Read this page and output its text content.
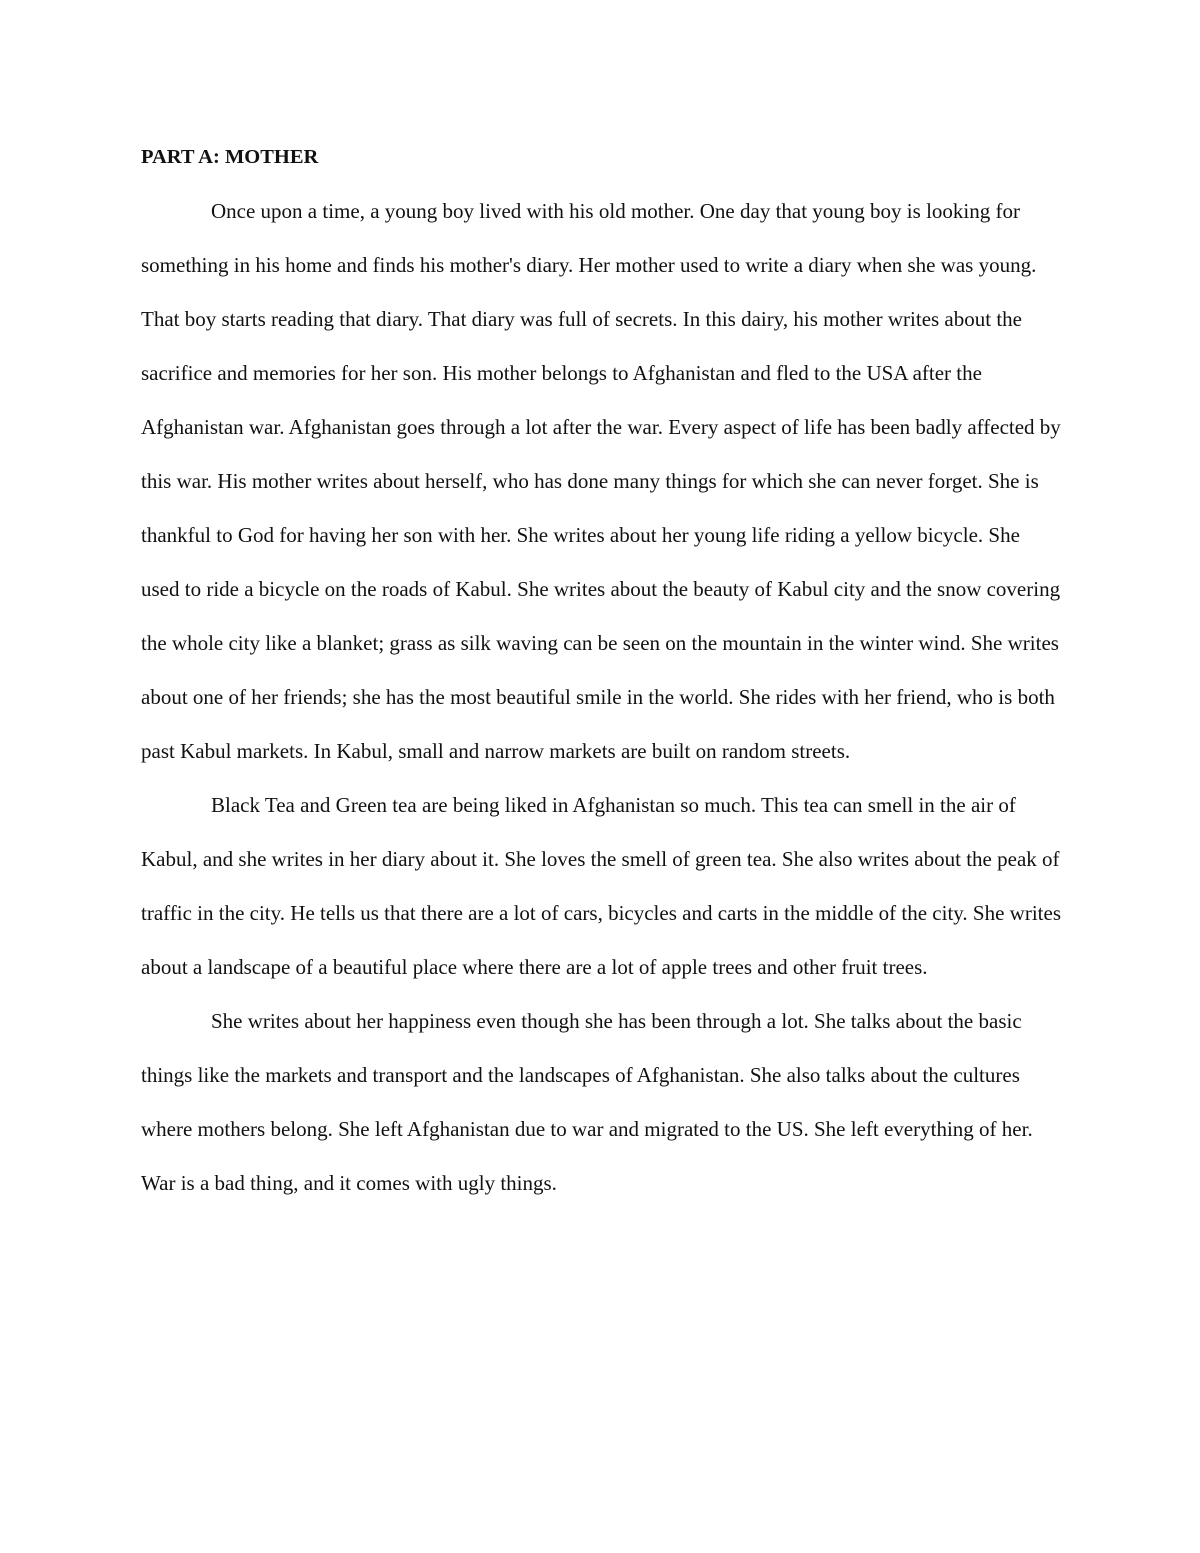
PART A: MOTHER

Once upon a time, a young boy lived with his old mother. One day that young boy is looking for something in his home and finds his mother's diary. Her mother used to write a diary when she was young. That boy starts reading that diary. That diary was full of secrets. In this dairy, his mother writes about the sacrifice and memories for her son. His mother belongs to Afghanistan and fled to the USA after the Afghanistan war. Afghanistan goes through a lot after the war. Every aspect of life has been badly affected by this war. His mother writes about herself, who has done many things for which she can never forget. She is thankful to God for having her son with her. She writes about her young life riding a yellow bicycle. She used to ride a bicycle on the roads of Kabul. She writes about the beauty of Kabul city and the snow covering the whole city like a blanket; grass as silk waving can be seen on the mountain in the winter wind. She writes about one of her friends; she has the most beautiful smile in the world. She rides with her friend, who is both past Kabul markets. In Kabul, small and narrow markets are built on random streets.

Black Tea and Green tea are being liked in Afghanistan so much. This tea can smell in the air of Kabul, and she writes in her diary about it. She loves the smell of green tea. She also writes about the peak of traffic in the city. He tells us that there are a lot of cars, bicycles and carts in the middle of the city. She writes about a landscape of a beautiful place where there are a lot of apple trees and other fruit trees.

She writes about her happiness even though she has been through a lot. She talks about the basic things like the markets and transport and the landscapes of Afghanistan. She also talks about the cultures where mothers belong. She left Afghanistan due to war and migrated to the US. She left everything of her. War is a bad thing, and it comes with ugly things.
